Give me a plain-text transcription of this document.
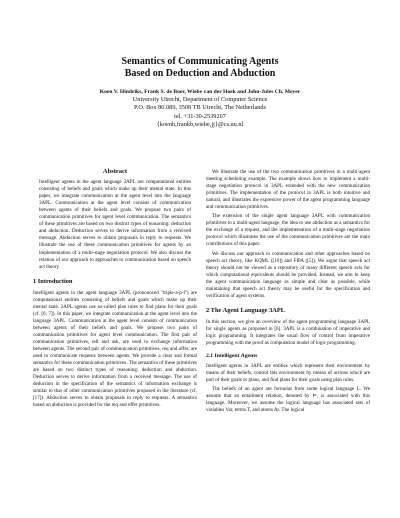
Semantics of Communicating Agents
Based on Deduction and Abduction
Koen V. Hindriks, Frank S. de Boer, Wiebe van der Hoek and John-Jules Ch. Meyer
University Utrecht, Department of Computer Science
P.O. Box 80.089, 3508 TB Utrecht, The Netherlands
tel. +31-30-2539267
{koenh,frankb,wiebe,jj}@cs.uu.nl
Abstract

Intelligent agents in the agent language 3APL are computational entities consisting of beliefs and goals which make up their mental state. In this paper, we integrate communication at the agent level into the language 3APL. Communication at the agent level consists of communication between agents of their beliefs and goals. We propose two pairs of communication primitives for agent level communication. The semantics of these primitives are based on two distinct types of reasoning: deduction and abduction. Deduction serves to derive information from a received message. Abduction serves to obtain proposals in reply to requests. We illustrate the use of these communication primitives for agents by an implementation of a multi-stage negotiation protocol. We also discuss the relation of our approach to approaches to communication based on speech act theory.

1 Introduction

Intelligent agents in the agent language 3APL (pronounced "triple-a-p-l") are computational entities consisting of beliefs and goals which make up their mental state. 3APL agents use so-called plan rules to find plans for their goals (cf. [6; 7]). In this paper, we integrate communication at the agent level into the language 3APL. Communication at the agent level consists of communication between agents of their beliefs and goals. We propose two pairs of communication primitives for agent level communication. The first pair of communication primitives, tell and ask, are used to exchange information between agents. The second pair of communication primitives, req and offer, are used to communicate requests between agents. We provide a clear and formal semantics for these communication primitives. The semantics of these primitives are based on two distinct types of reasoning: deduction and abduction. Deduction serves to derive information from a received message. The use of deduction in the specification of the semantics of information exchange is similar to that of other communication primitives proposed in the literature (cf. [17]). Abduction serves to obtain proposals in reply to requests. A semantics based on abduction is provided for the req and offer primitives.

We illustrate the use of the two communication primitives in a multi-agent meeting scheduling example. The example shows how to implement a multi-stage negotiation protocol in 3APL extended with the new communication primitives. The implementation of the protocol in 3APL is both intuitive and natural, and illustrates the expressive power of the agent programming language and communication primitives.

The extension of the single agent language 3APL with communication primitives to a multi-agent language, the idea to use abduction as a semantics for the exchange of a request, and the implementation of a multi-stage negotiation protocol which illustrates the use of the communication primitives are the main contributions of this paper.

We discuss our approach to communication and other approaches based on speech act theory, like KQML ([10]) and FIPA ([5]). We argue that speech act theory should not be viewed as a repository of many different speech acts for which computational equivalents should be provided. Instead, we aim to keep the agent communication language as simple and clear as possible, while maintaining that speech act theory may be useful for the specification and verification of agent systems.

2 The Agent Language 3APL

In this section, we give an overview of the agent programming language 3APL for single agents as proposed in [6]. 3APL is a combination of imperative and logic programming. It integrates the usual flow of control from imperative programming with the proof as computation model of logic programming.

2.1 Intelligent Agents

Intelligent agents in 3APL are entities which represent their environment by means of their beliefs, control this environment by means of actions which are part of their goals or plans, and find plans for their goals using plan rules.

The beliefs of an agent are formulas from some logical language L. We assume that an entailment relation, denoted by ⊨, is associated with this language. Moreover, we assume the logical language has associated sets of variables Var, terms T, and atoms At. The logical
